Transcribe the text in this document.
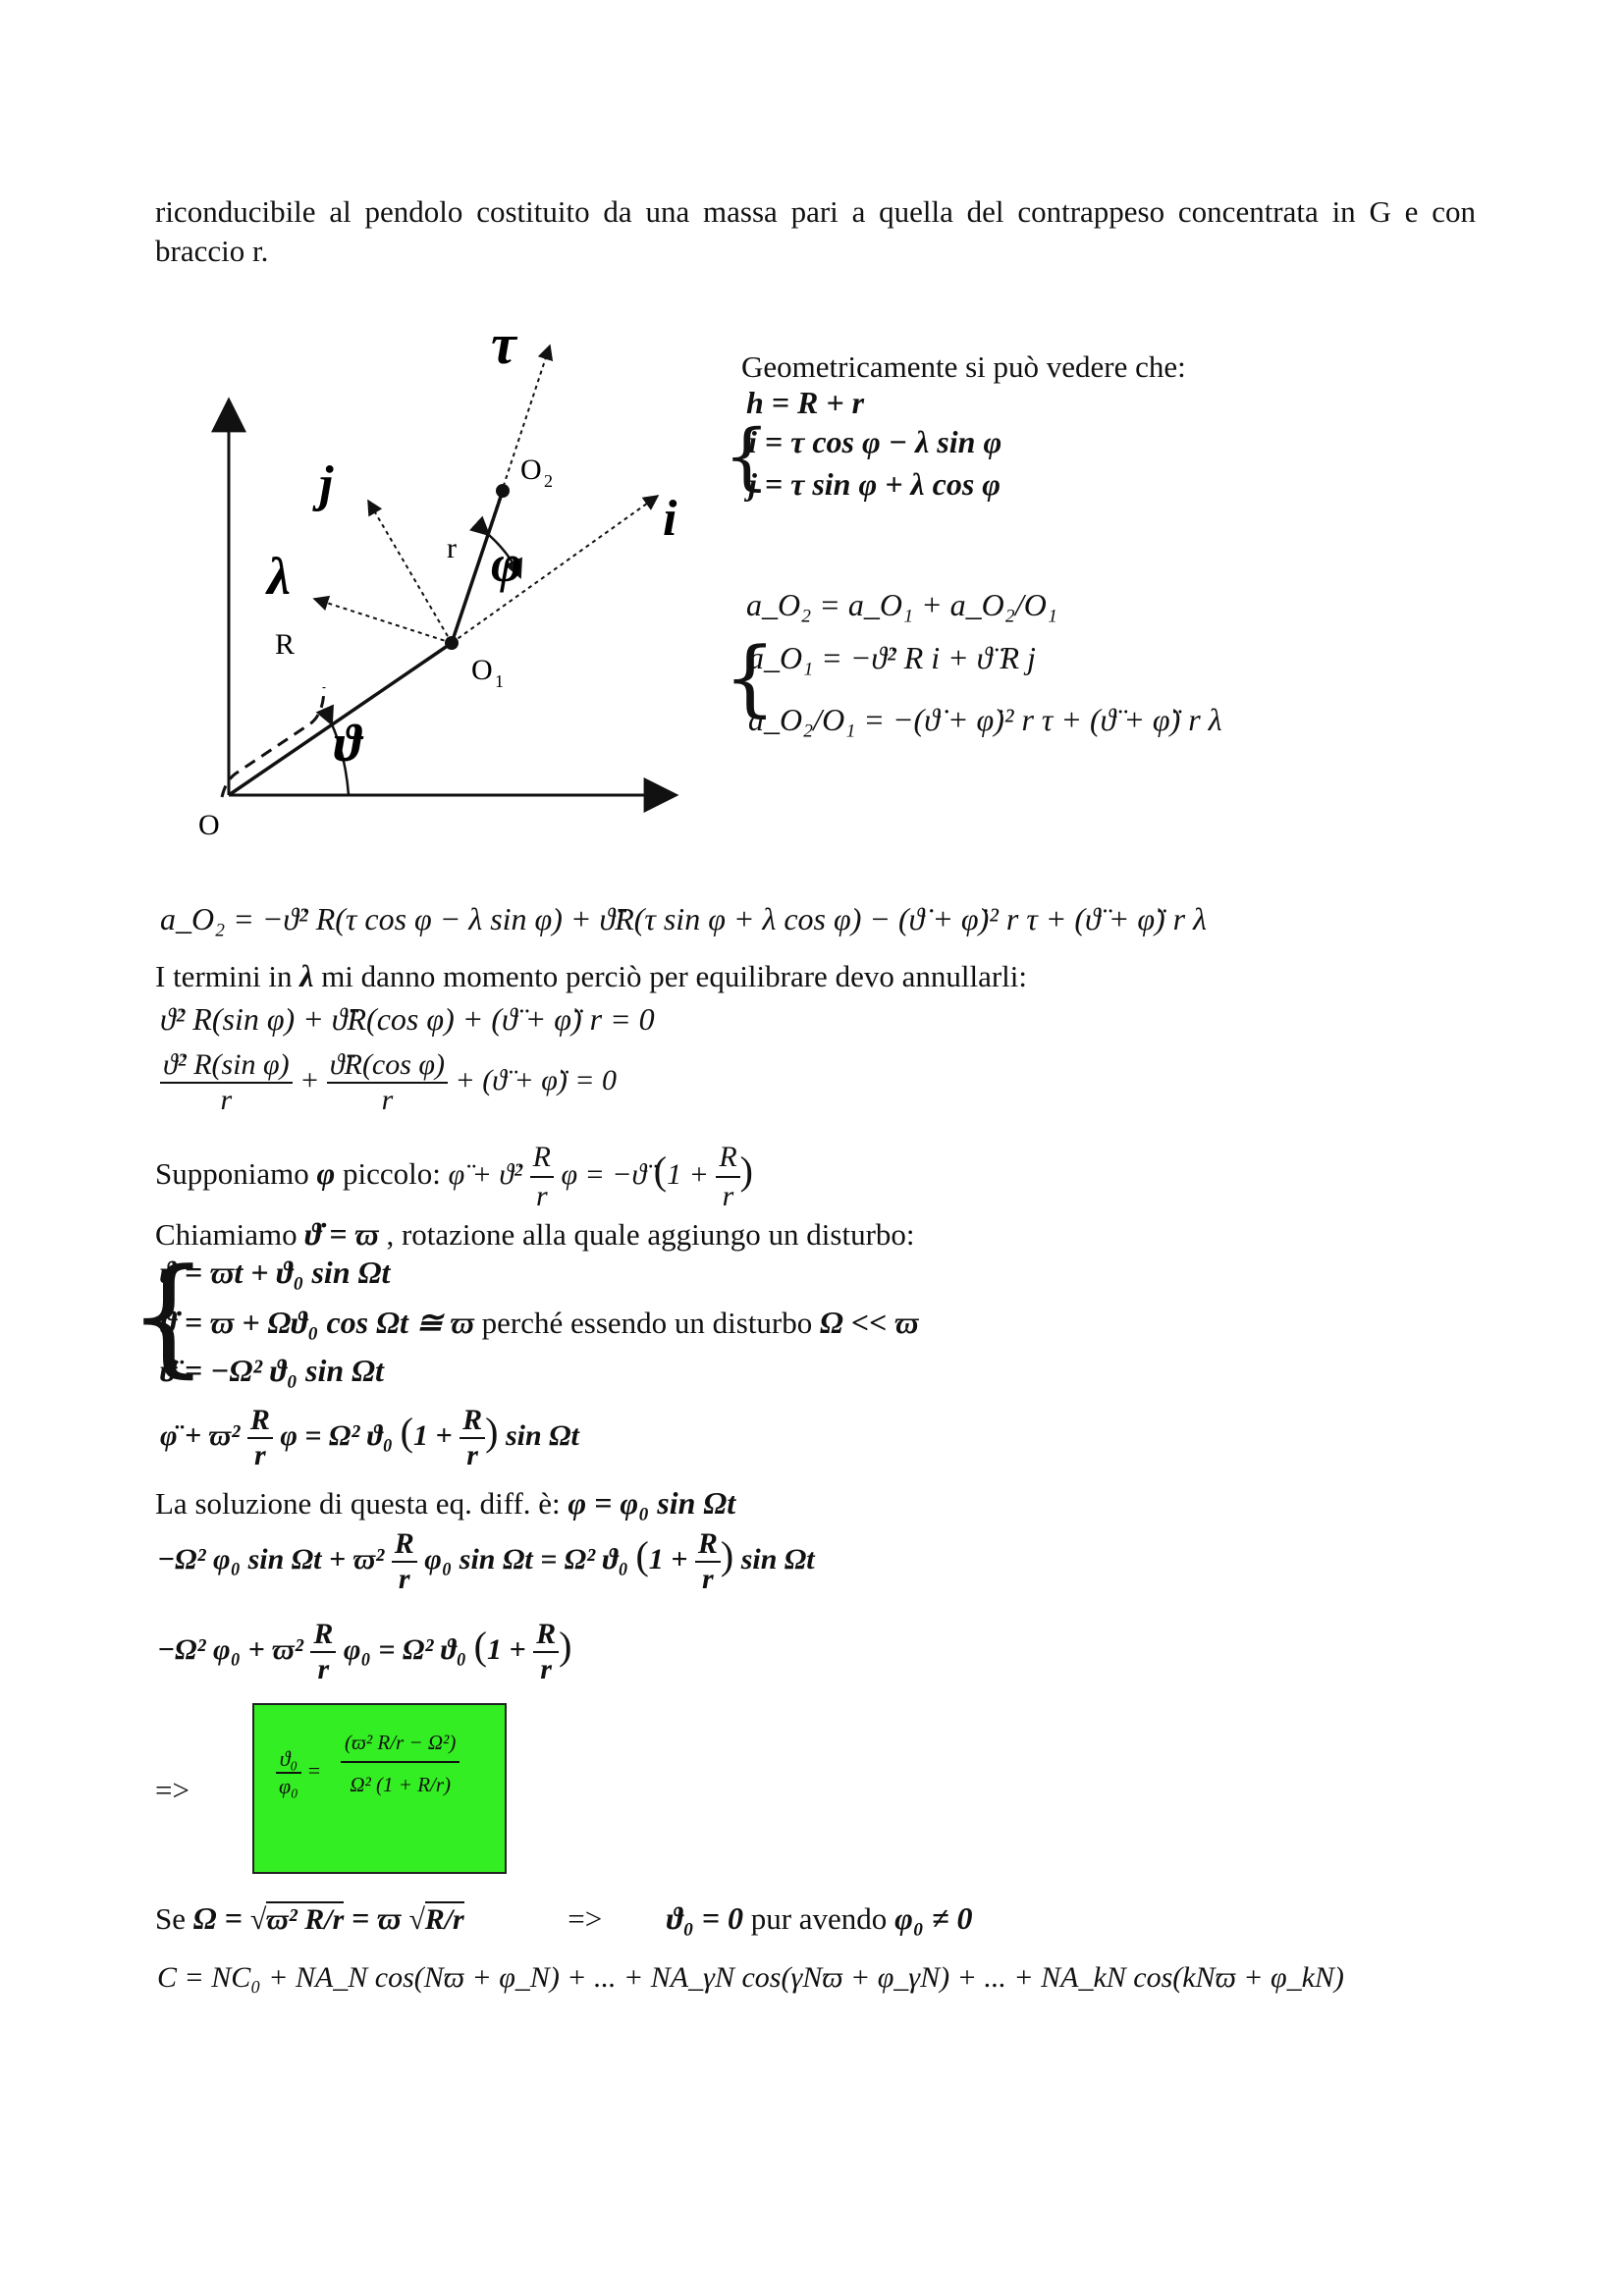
riconducibile al pendolo costituito da una massa pari a quella del contrappeso concentrata in G e con braccio r.
τ
j
i
O 2
O 1
O
r
R
φ
λ
ϑ
Geometricamente si può vedere che:
h = R + r
{
i = τ cos φ − λ sin φ
j = τ sin φ + λ cos φ
a_O₂ = a_O₁ + a_O₂/O₁
{
a_O₁ = −ϑ̇² R i + ϑ̈ R j
a_O₂/O₁ = −(ϑ̇ + φ̇)² r τ + (ϑ̈ + φ̈) r λ
a_O₂ = −ϑ̇² R(τ cos φ − λ sin φ) + ϑ̈R(τ sin φ + λ cos φ) − (ϑ̇ + φ̇)² r τ + (ϑ̈ + φ̈) r λ
I termini in λ mi danno momento perciò per equilibrare devo annullarli:
ϑ̇² R(sin φ) + ϑ̈R(cos φ) + (ϑ̈ + φ̈) r = 0
$\frac{\text{ϑ̇² R(sin φ)}}{r} + \frac{\text{ϑ̈R(cos φ)}}{r}$ + (ϑ̈ + φ̈) = 0
Supponiamo φ piccolo: φ̈ + ϑ̇² $\frac{R}{r}$ φ = −ϑ̈ ($1 + \frac{R}{r}$ )
Chiamiamo ϑ̇ = ϖ , rotazione alla quale aggiungo un disturbo:
{
ϑ = ϖt + ϑ₀ sin Ωt
ϑ̇ = ϖ + Ωϑ₀ cos Ωt ≅ ϖ perché essendo un disturbo Ω << ϖ
ϑ̈ = −Ω² ϑ₀ sin Ωt
φ̈ + $ϖ^2 \frac{R}{r}$ φ = Ω² ϑ₀ ($1 + \frac{R}{r}$ ) sin Ωt
La soluzione di questa eq. diff. è: φ = φ₀ sin Ωt
−Ω² φ₀ $\sin \Omega t + ϖ^2 \frac{R}{r} \varphi_0$ sin Ωt = Ω² ϑ₀ ($1 + \frac{R}{r}$ ) sin Ωt
−Ω² $\varphi_0 + ϖ^2 \frac{R}{r} \varphi_0 = \Omega^2$ ϑ₀ ($1 + \frac{R}{r}$ )
=>	$\frac{\text{ϑ₀}}{\text{φ₀}} = \frac{\text{(ϖ² R/r − Ω²)}}{\text{Ω² (1 + R/r)}}$
Se Ω = √ϖ² R/r = ϖ √R/r	=> ϑ₀ = 0 pur avendo φ₀ ≠ 0
C = NC₀ + NA_N cos(Nϖ + φ_N) + ... + NA_γN cos(γNϖ + φ_γN) + ... + NA_kN cos(kNϖ + φ_kN)
